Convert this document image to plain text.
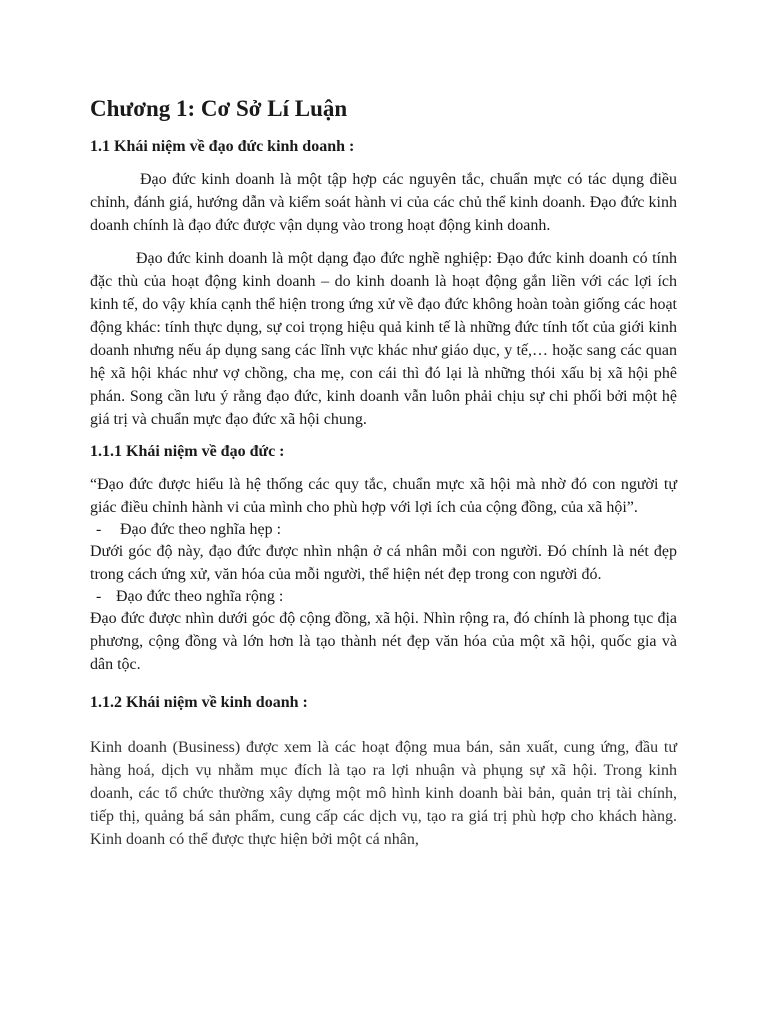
Chương 1: Cơ Sở Lí Luận
1.1 Khái niệm về đạo đức kinh doanh :

Đạo đức kinh doanh là một tập hợp các nguyên tắc, chuẩn mực có tác dụng điều chỉnh, đánh giá, hướng dẫn và kiểm soát hành vi của các chủ thể kinh doanh. Đạo đức kinh doanh chính là đạo đức được vận dụng vào trong hoạt động kinh doanh.

Đạo đức kinh doanh là một dạng đạo đức nghề nghiệp: Đạo đức kinh doanh có tính đặc thù của hoạt động kinh doanh – do kinh doanh là hoạt động gắn liền với các lợi ích kinh tế, do vậy khía cạnh thể hiện trong ứng xử về đạo đức không hoàn toàn giống các hoạt động khác: tính thực dụng, sự coi trọng hiệu quả kinh tế là những đức tính tốt của giới kinh doanh nhưng nếu áp dụng sang các lĩnh vực khác như giáo dục, y tế,… hoặc sang các quan hệ xã hội khác như vợ chồng, cha mẹ, con cái thì đó lại là những thói xấu bị xã hội phê phán. Song cần lưu ý rằng đạo đức, kinh doanh vẫn luôn phải chịu sự chi phối bởi một hệ giá trị và chuẩn mực đạo đức xã hội chung.

1.1.1 Khái niệm về đạo đức :

“Đạo đức được hiểu là hệ thống các quy tắc, chuẩn mực xã hội mà nhờ đó con người tự giác điều chỉnh hành vi của mình cho phù hợp với lợi ích của cộng đồng, của xã hội”.

- Đạo đức theo nghĩa hẹp :

Dưới góc độ này, đạo đức được nhìn nhận ở cá nhân mỗi con người. Đó chính là nét đẹp trong cách ứng xử, văn hóa của mỗi người, thể hiện nét đẹp trong con người đó.

- Đạo đức theo nghĩa rộng :

Đạo đức được nhìn dưới góc độ cộng đồng, xã hội. Nhìn rộng ra, đó chính là phong tục địa phương, cộng đồng và lớn hơn là tạo thành nét đẹp văn hóa của một xã hội, quốc gia và dân tộc.

1.1.2 Khái niệm về kinh doanh :

Kinh doanh (Business) được xem là các hoạt động mua bán, sản xuất, cung ứng, đầu tư hàng hoá, dịch vụ nhằm mục đích là tạo ra lợi nhuận và phụng sự xã hội. Trong kinh doanh, các tổ chức thường xây dựng một mô hình kinh doanh bài bản, quản trị tài chính, tiếp thị, quảng bá sản phẩm, cung cấp các dịch vụ, tạo ra giá trị phù hợp cho khách hàng. Kinh doanh có thể được thực hiện bởi một cá nhân,
